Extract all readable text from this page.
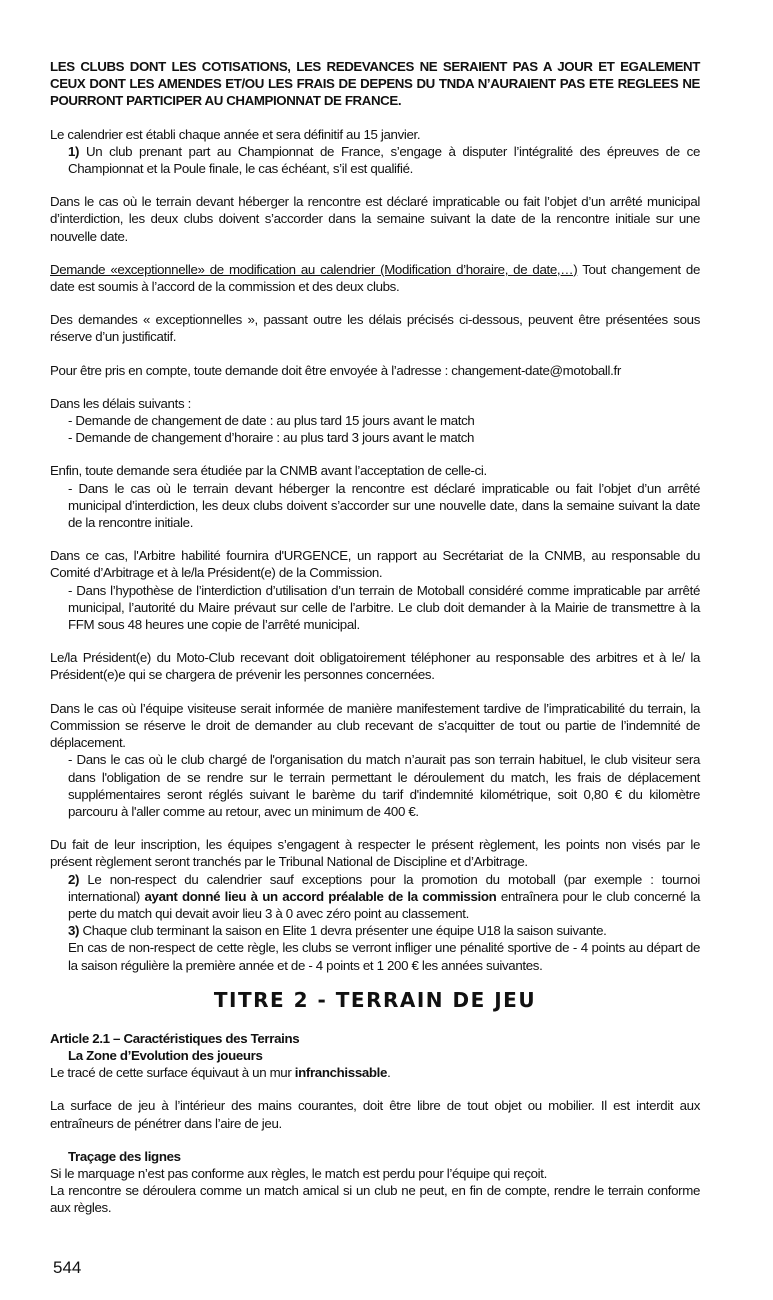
LES CLUBS DONT LES COTISATIONS, LES REDEVANCES NE SERAIENT PAS A JOUR ET EGALEMENT CEUX DONT LES AMENDES ET/OU LES FRAIS DE DEPENS DU TNDA N’AURAIENT PAS ETE REGLEES NE POURRONT PARTICIPER AU CHAMPIONNAT DE FRANCE.

Le calendrier est établi chaque année et sera définitif au 15 janvier.

1) Un club prenant part au Championnat de France, s’engage à disputer l’intégralité des épreuves de ce Championnat et la Poule finale, le cas échéant, s’il est qualifié.

Dans le cas où le terrain devant héberger la rencontre est déclaré impraticable ou fait l’objet d’un arrêté municipal d’interdiction, les deux clubs doivent s’accorder dans la semaine suivant la date de la rencontre initiale sur une nouvelle date.

Demande «exceptionnelle» de modification au calendrier (Modification d’horaire, de date,…) Tout changement de date est soumis à l’accord de la commission et des deux clubs.

Des demandes « exceptionnelles », passant outre les délais précisés ci-dessous, peuvent être présentées sous réserve d’un justificatif.

Pour être pris en compte, toute demande doit être envoyée à l’adresse : changement-date@motoball.fr

Dans les délais suivants :

- Demande de changement de date : au plus tard 15 jours avant le match

- Demande de changement d’horaire : au plus tard 3 jours avant le match

Enfin, toute demande sera étudiée par la CNMB avant l’acceptation de celle-ci.

- Dans le cas où le terrain devant héberger la rencontre est déclaré impraticable ou fait l’objet d’un arrêté municipal d’interdiction, les deux clubs doivent s’accorder sur une nouvelle date, dans la semaine suivant la date de la rencontre initiale.

Dans ce cas, l'Arbitre habilité fournira d'URGENCE, un rapport au Secrétariat de la CNMB, au responsable du Comité d’Arbitrage et à le/la Président(e) de la Commission.

- Dans l’hypothèse de l’interdiction d’utilisation d’un terrain de Motoball considéré comme impraticable par arrêté municipal, l’autorité du Maire prévaut sur celle de l’arbitre. Le club doit demander à la Mairie de transmettre à la FFM sous 48 heures une copie de l’arrêté municipal.

Le/la Président(e) du Moto-Club recevant doit obligatoirement téléphoner au responsable des arbitres et à le/ la Président(e)e qui se chargera de prévenir les personnes concernées.

Dans le cas où l’équipe visiteuse serait informée de manière manifestement tardive de l’impraticabilité du terrain, la Commission se réserve le droit de demander au club recevant de s’acquitter de tout ou partie de l’indemnité de déplacement.

- Dans le cas où le club chargé de l'organisation du match n’aurait pas son terrain habituel, le club visiteur sera dans l'obligation de se rendre sur le terrain permettant le déroulement du match, les frais de déplacement supplémentaires seront réglés suivant le barème du tarif d'indemnité kilométrique, soit 0,80 € du kilomètre parcouru à l'aller comme au retour, avec un minimum de 400 €.

Du fait de leur inscription, les équipes s’engagent à respecter le présent règlement, les points non visés par le présent règlement seront tranchés par le Tribunal National de Discipline et d’Arbitrage.

2) Le non-respect du calendrier sauf exceptions pour la promotion du motoball (par exemple : tournoi international) ayant donné lieu à un accord préalable de la commission entraînera pour le club concerné la perte du match qui devait avoir lieu 3 à 0 avec zéro point au classement.

3) Chaque club terminant la saison en Elite 1 devra présenter une équipe U18 la saison suivante.

En cas de non-respect de cette règle, les clubs se verront infliger une pénalité sportive de - 4 points au départ de la saison régulière la première année et de - 4 points et 1 200 € les années suivantes.

TITRE 2 - TERRAIN DE JEU

Article 2.1 – Caractéristiques des Terrains

La Zone d’Evolution des joueurs

Le tracé de cette surface équivaut à un mur infranchissable.

La surface de jeu à l’intérieur des mains courantes, doit être libre de tout objet ou mobilier. Il est interdit aux entraîneurs de pénétrer dans l’aire de jeu.

Traçage des lignes

Si le marquage n’est pas conforme aux règles, le match est perdu pour l’équipe qui reçoit.

La rencontre se déroulera comme un match amical si un club ne peut, en fin de compte, rendre le terrain conforme aux règles.

544
